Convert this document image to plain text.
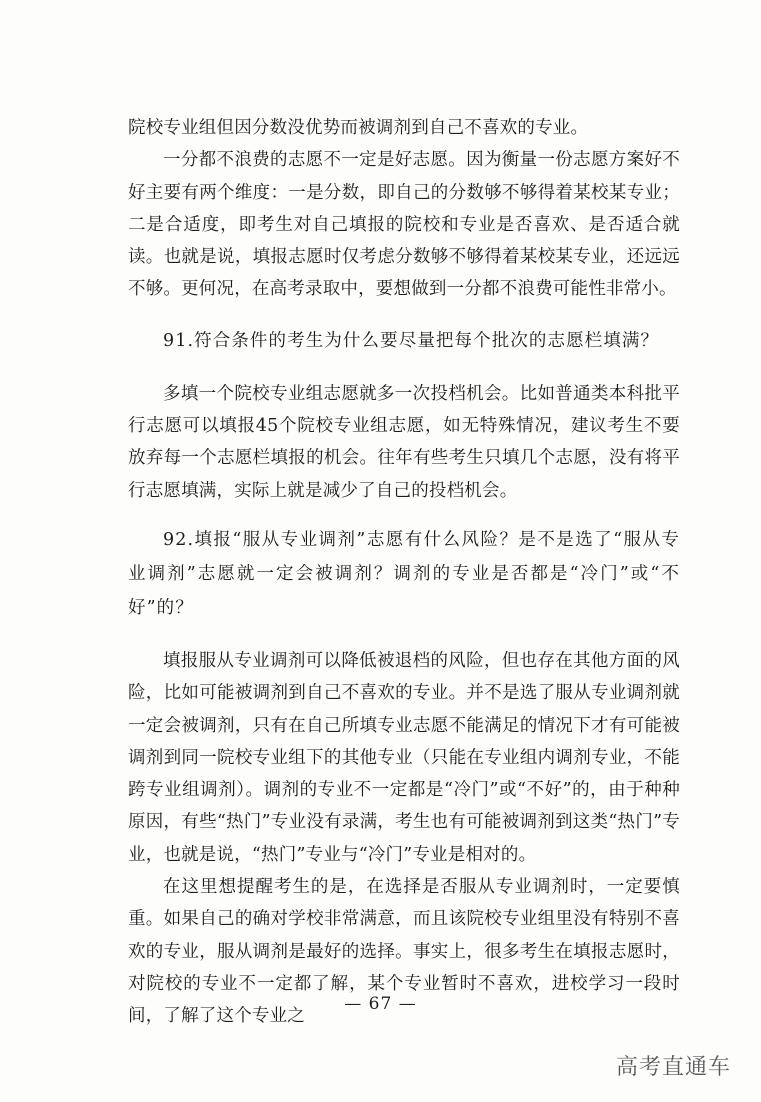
院校专业组但因分数没优势而被调剂到自己不喜欢的专业。

一分都不浪费的志愿不一定是好志愿。因为衡量一份志愿方案好不好主要有两个维度：一是分数，即自己的分数够不够得着某校某专业；二是合适度，即考生对自己填报的院校和专业是否喜欢、是否适合就读。也就是说，填报志愿时仅考虑分数够不够得着某校某专业，还远远不够。更何况，在高考录取中，要想做到一分都不浪费可能性非常小。

91.符合条件的考生为什么要尽量把每个批次的志愿栏填满？

多填一个院校专业组志愿就多一次投档机会。比如普通类本科批平行志愿可以填报45个院校专业组志愿，如无特殊情况，建议考生不要放弃每一个志愿栏填报的机会。往年有些考生只填几个志愿，没有将平行志愿填满，实际上就是减少了自己的投档机会。

92.填报“服从专业调剂”志愿有什么风险？是不是选了“服从专业调剂”志愿就一定会被调剂？调剂的专业是否都是“冷门”或“不好”的？

填报服从专业调剂可以降低被退档的风险，但也存在其他方面的风险，比如可能被调剂到自己不喜欢的专业。并不是选了服从专业调剂就一定会被调剂，只有在自己所填专业志愿不能满足的情况下才有可能被调剂到同一院校专业组下的其他专业（只能在专业组内调剂专业，不能跨专业组调剂）。调剂的专业不一定都是“冷门”或“不好”的，由于种种原因，有些“热门”专业没有录满，考生也有可能被调剂到这类“热门”专业，也就是说，“热门”专业与“冷门”专业是相对的。

在这里想提醒考生的是，在选择是否服从专业调剂时，一定要慎重。如果自己的确对学校非常满意，而且该院校专业组里没有特别不喜欢的专业，服从调剂是最好的选择。事实上，很多考生在填报志愿时，对院校的专业不一定都了解，某个专业暂时不喜欢，进校学习一段时间，了解了这个专业之

— 67 —
高考直通车
